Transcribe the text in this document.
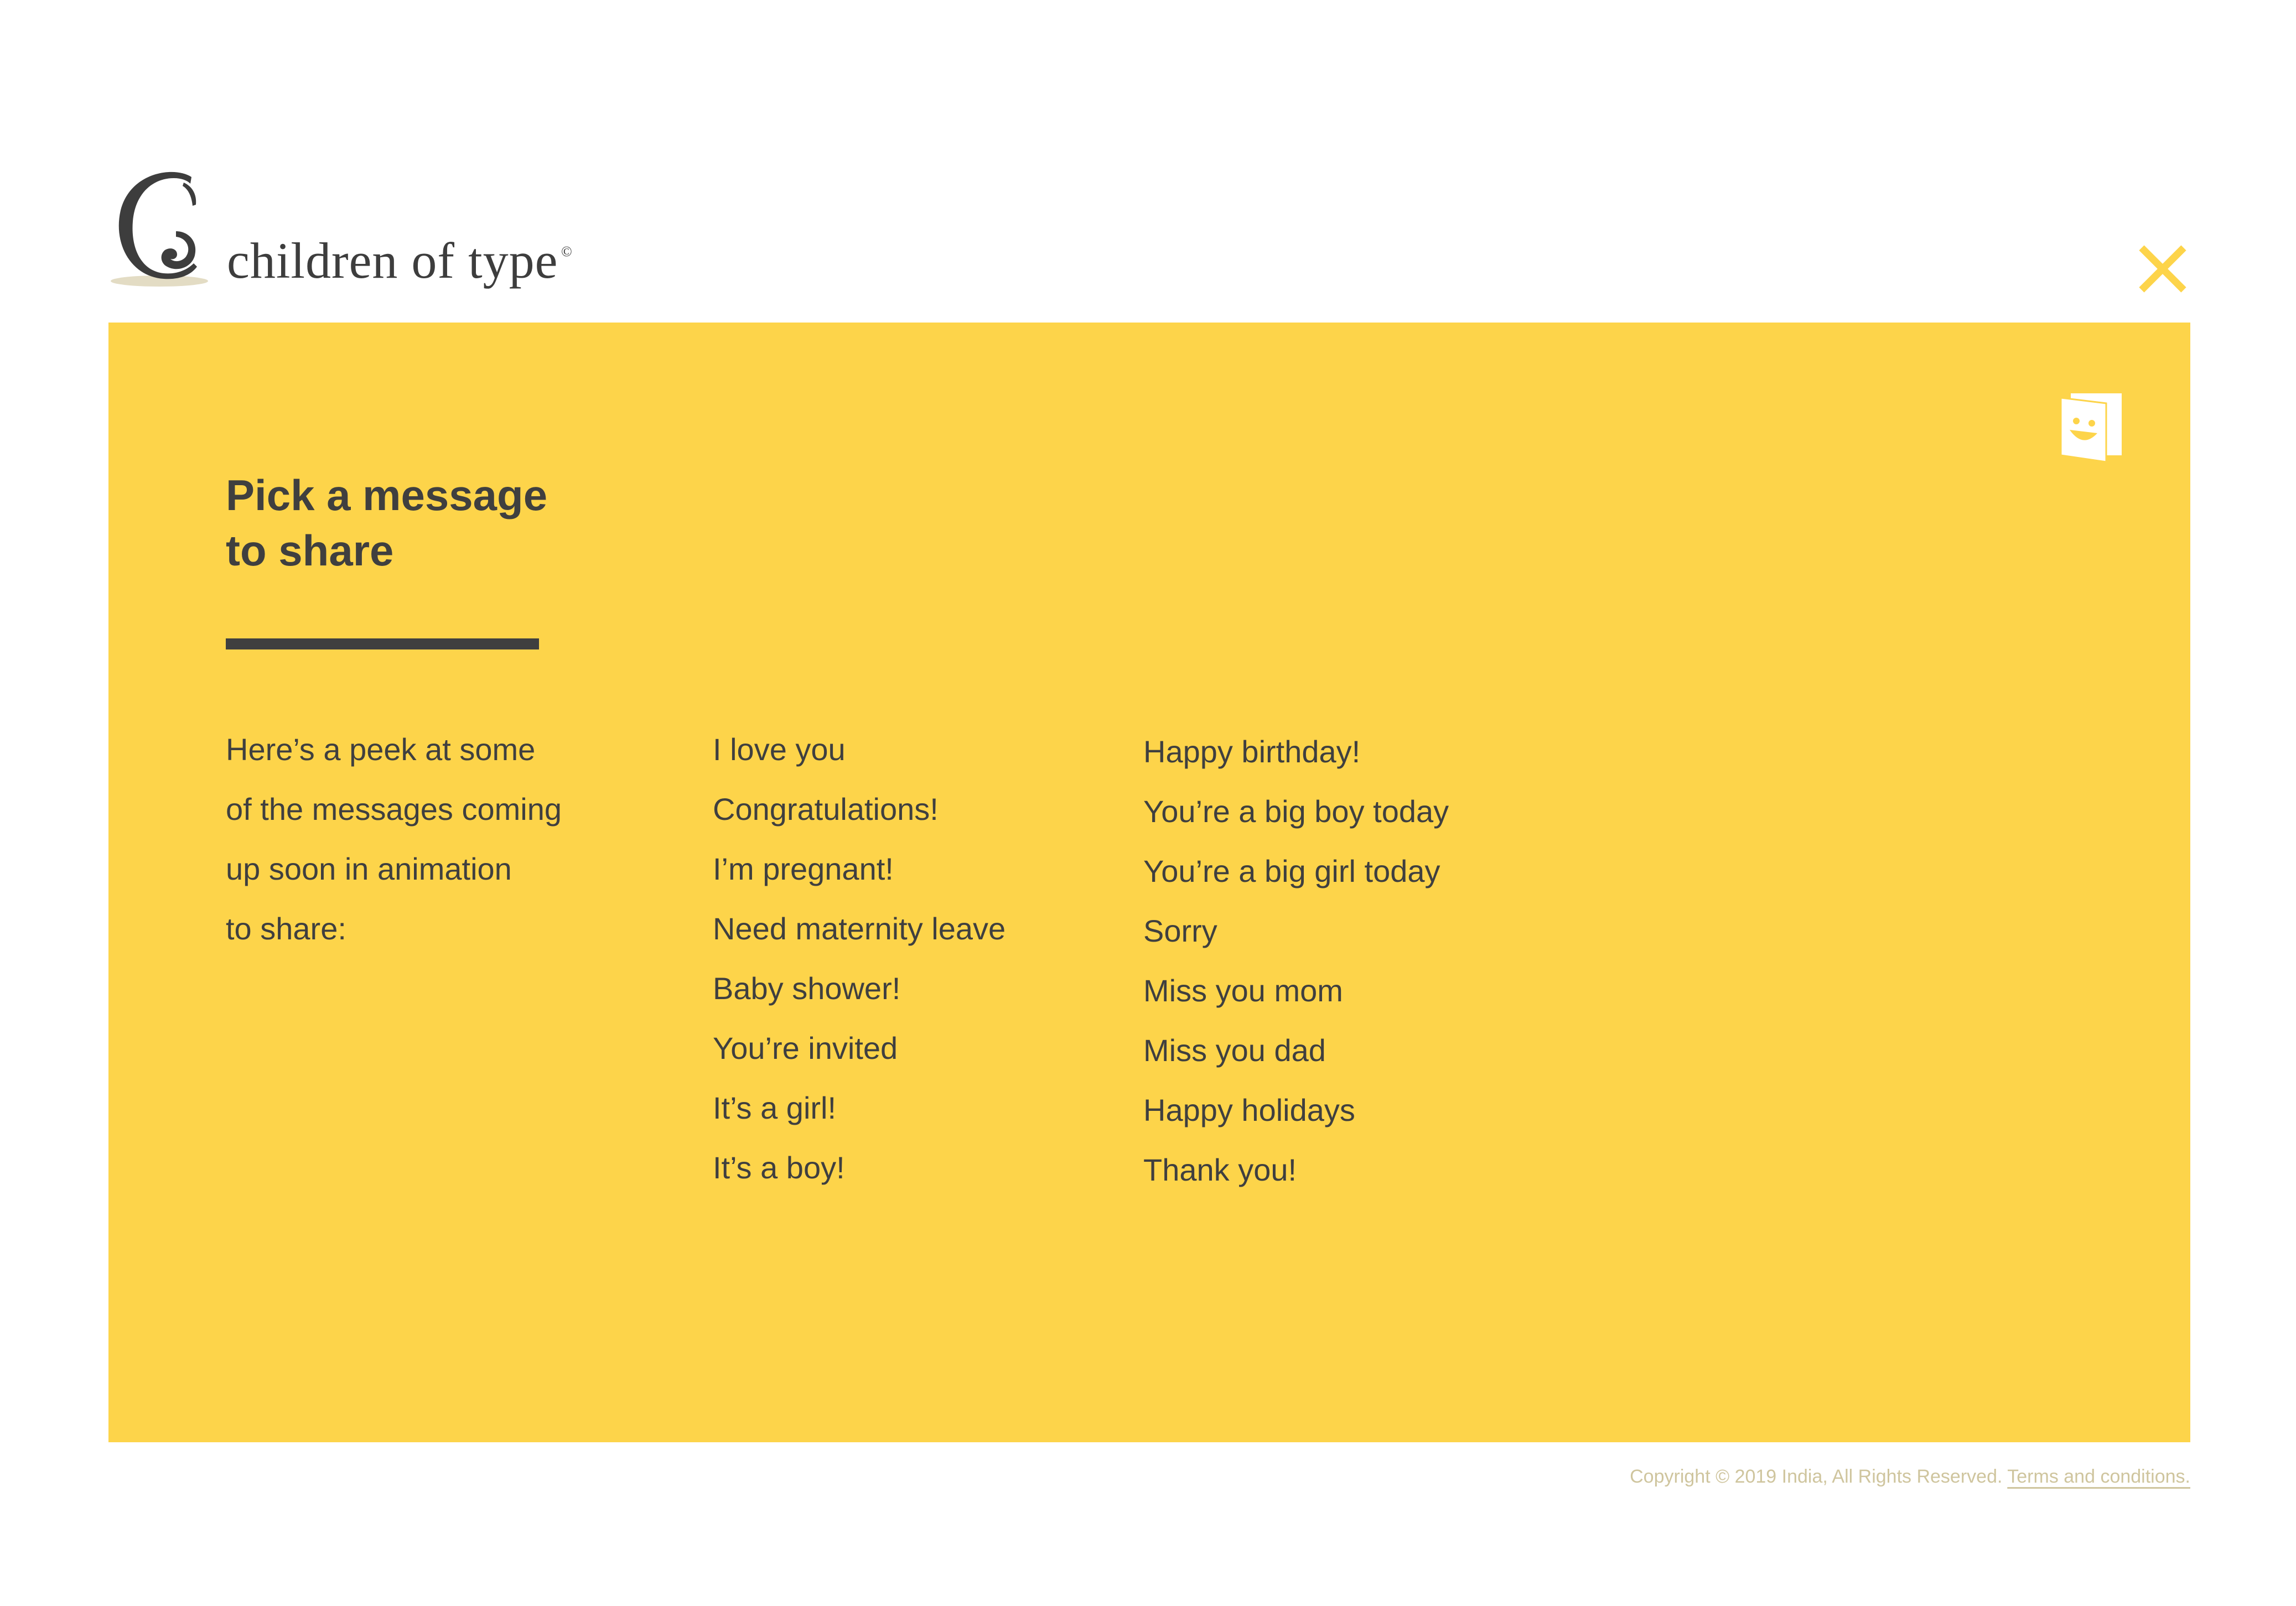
children of type ©
Pick a message
to share
Here’s a peek at some
of the messages coming
up soon in animation
to share:
I love you
Congratulations!
I’m pregnant!
Need maternity leave
Baby shower!
You’re invited
It’s a girl!
It’s a boy!
Happy birthday!
You’re a big boy today
You’re a big girl today
Sorry
Miss you mom
Miss you dad
Happy holidays
Thank you!
Copyright © 2019 India, All Rights Reserved. Terms and conditions.
